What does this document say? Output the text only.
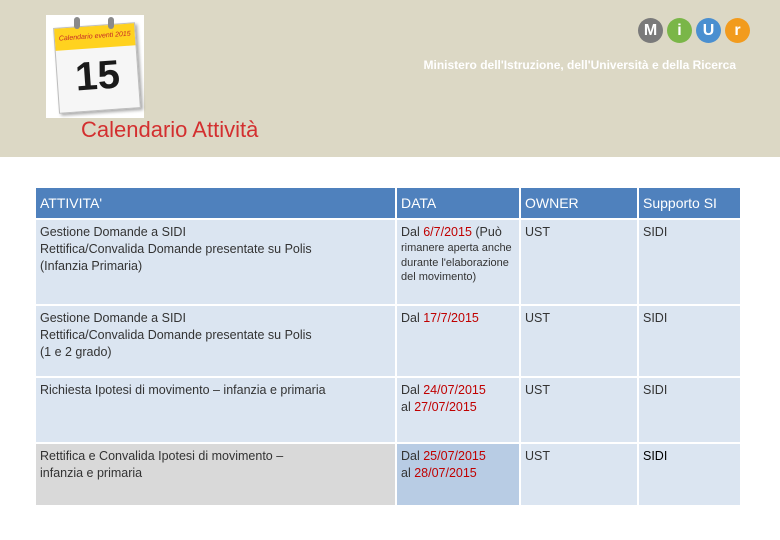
Calendario eventi 2015
15
M	i	U	r
Ministero dell'Istruzione, dell'Università e della Ricerca
Calendario Attività
ATTIVITA'	DATA	OWNER	Supporto SI

Gestione Domande a SIDI
Rettifica/Convalida Domande presentate su Polis
(Infanzia Primaria)	Dal 6/7/2015 (Può
rimanere aperta anche durante l'elaborazione del movimento)	UST	SIDI

Gestione Domande a SIDI
Rettifica/Convalida Domande presentate su Polis
(1 e 2 grado)	Dal 17/7/2015	UST	SIDI

Richiesta Ipotesi di movimento – infanzia e primaria	Dal 24/07/2015
al 27/07/2015	UST	SIDI

Rettifica e Convalida Ipotesi di movimento –
infanzia e primaria	Dal 25/07/2015
al 28/07/2015	UST	SIDI
